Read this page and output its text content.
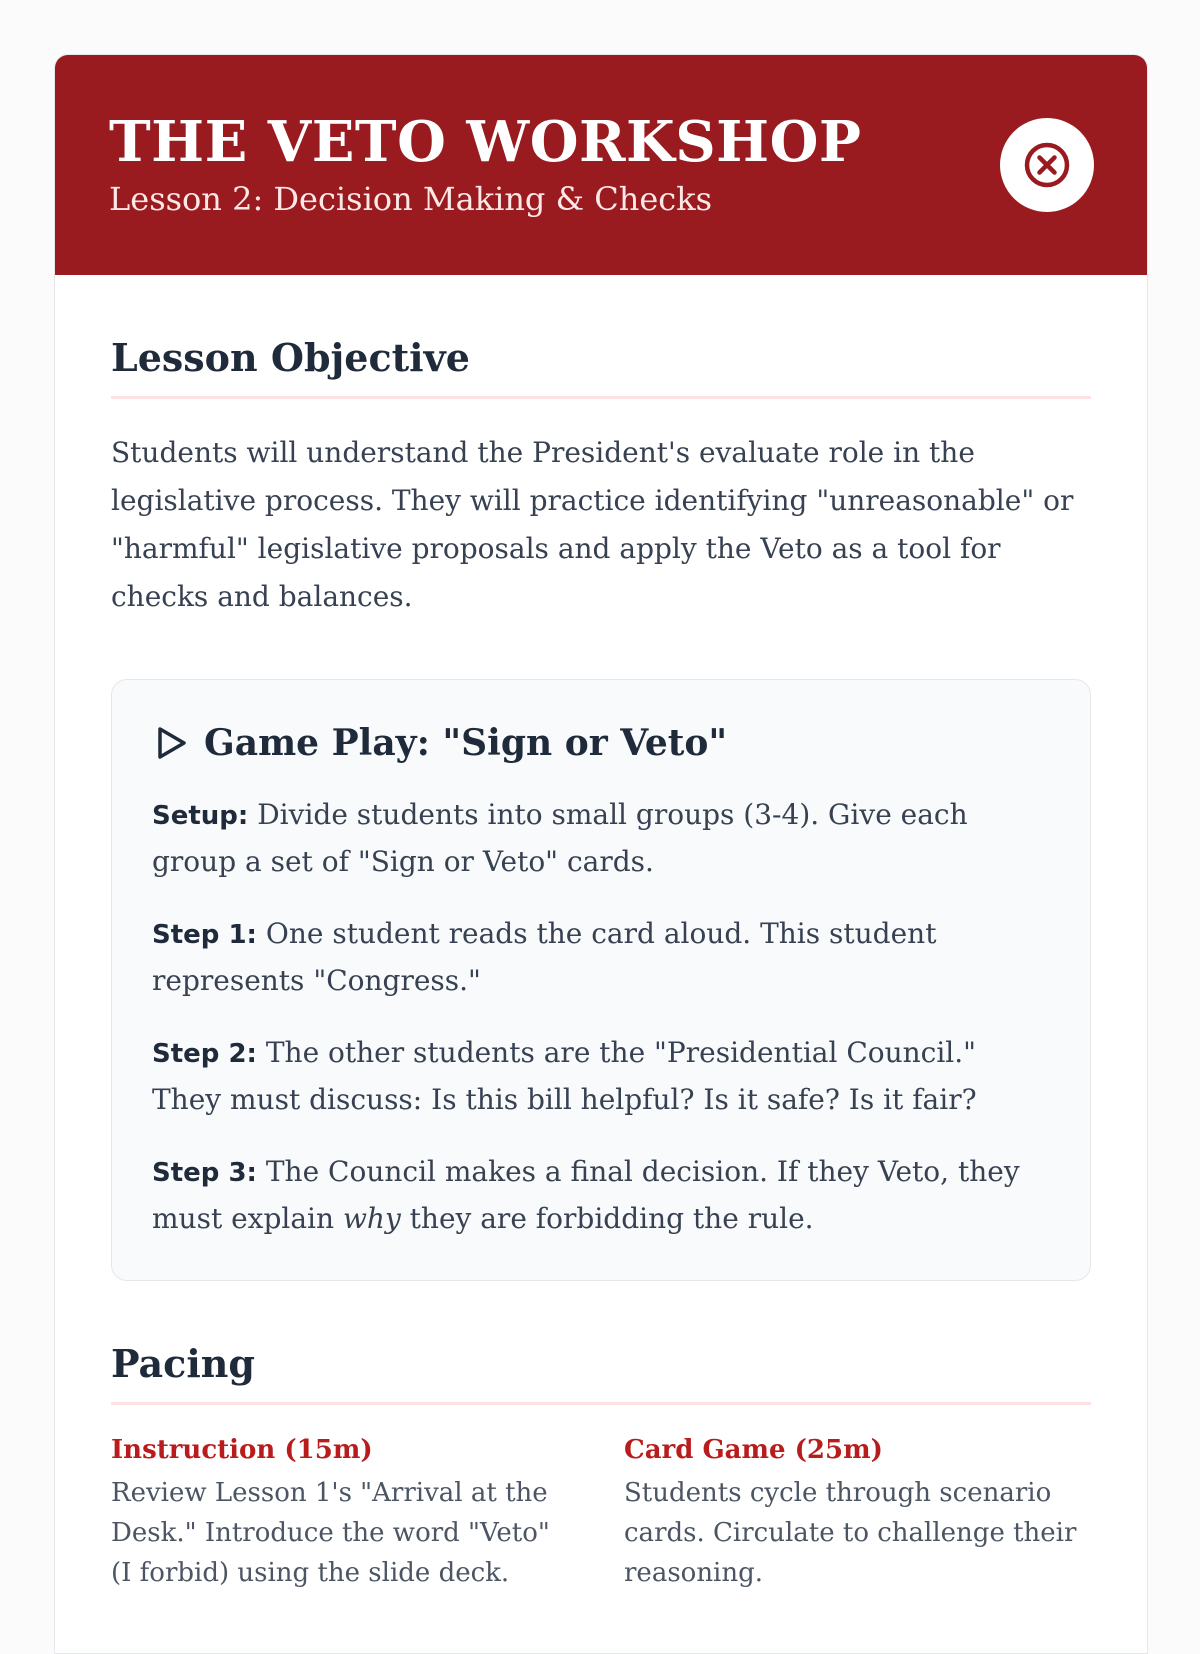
THE VETO WORKSHOP
Lesson 2: Decision Making & Checks
Lesson Objective

Students will understand the President's evaluate role in the legislative process. They will practice identifying "unreasonable" or "harmful" legislative proposals and apply the Veto as a tool for checks and balances.

Game Play: "Sign or Veto"

Setup: Divide students into small groups (3-4). Give each group a set of "Sign or Veto" cards.

Step 1: One student reads the card aloud. This student represents "Congress."

Step 2: The other students are the "Presidential Council." They must discuss: Is this bill helpful? Is it safe? Is it fair?

Step 3: The Council makes a final decision. If they Veto, they must explain why they are forbidding the rule.

Pacing
Instruction (15m)
Review Lesson 1's "Arrival at the Desk." Introduce the word "Veto" (I forbid) using the slide deck.
Card Game (25m)
Students cycle through scenario cards. Circulate to challenge their reasoning.
